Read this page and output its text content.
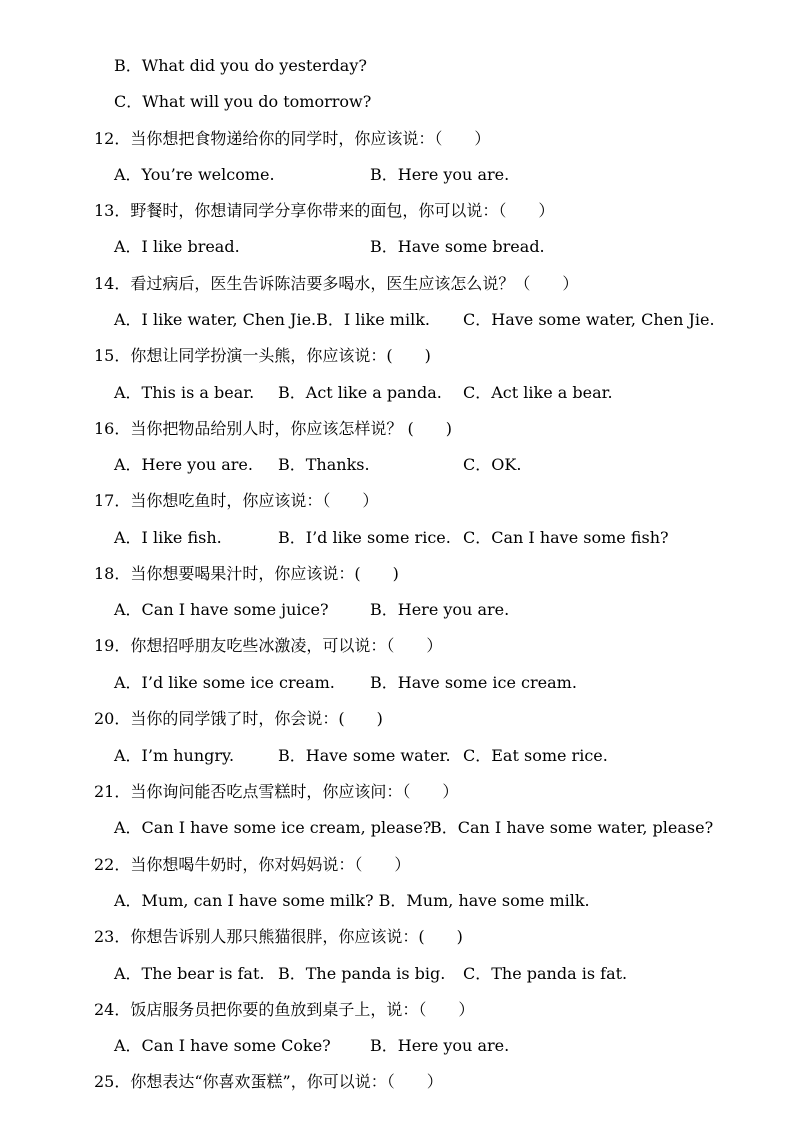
B．What did you do yesterday?
C．What will you do tomorrow?
12．当你想把食物递给你的同学时，你应该说：（　　）
A．You’re welcome.	B．Here you are.
13．野餐时，你想请同学分享你带来的面包，你可以说：（　　）
A．I like bread.	B．Have some bread.
14．看过病后，医生告诉陈洁要多喝水，医生应该怎么说？（　　）
A．I like water, Chen Jie.B．I like milk. C．Have some water, Chen Jie.
15．你想让同学扮演一头熊，你应该说：(　　)
A．This is a bear. B．Act like a panda. C．Act like a bear.
16．当你把物品给别人时，你应该怎样说？ (　　)
A．Here you are. B．Thanks.	C．OK.
17．当你想吃鱼时，你应该说：（　　）
A．I like fish.	B．I’d like some rice. C．Can I have some fish?
18．当你想要喝果汁时，你应该说：(　　)
A．Can I have some juice?	B．Here you are.
19．你想招呼朋友吃些冰激凌，可以说：（　　）
A．I’d like some ice cream. B．Have some ice cream.
20．当你的同学饿了时，你会说：(　　)
A．I’m hungry.	B．Have some water. C．Eat some rice.
21．当你询问能否吃点雪糕时，你应该问：（　　）
A．Can I have some ice cream, please?
B．Can I have some water, please?
22．当你想喝牛奶时，你对妈妈说：（　　）
A．Mum, can I have some milk? B．Mum, have some milk.
23．你想告诉别人那只熊猫很胖，你应该说：(　　)
A．The bear is fat. B．The panda is big. C．The panda is fat.
24．饭店服务员把你要的鱼放到桌子上，说：（　　）
A．Can I have some Coke? B．Here you are.
25．你想表达“你喜欢蛋糕”，你可以说：（　　）
